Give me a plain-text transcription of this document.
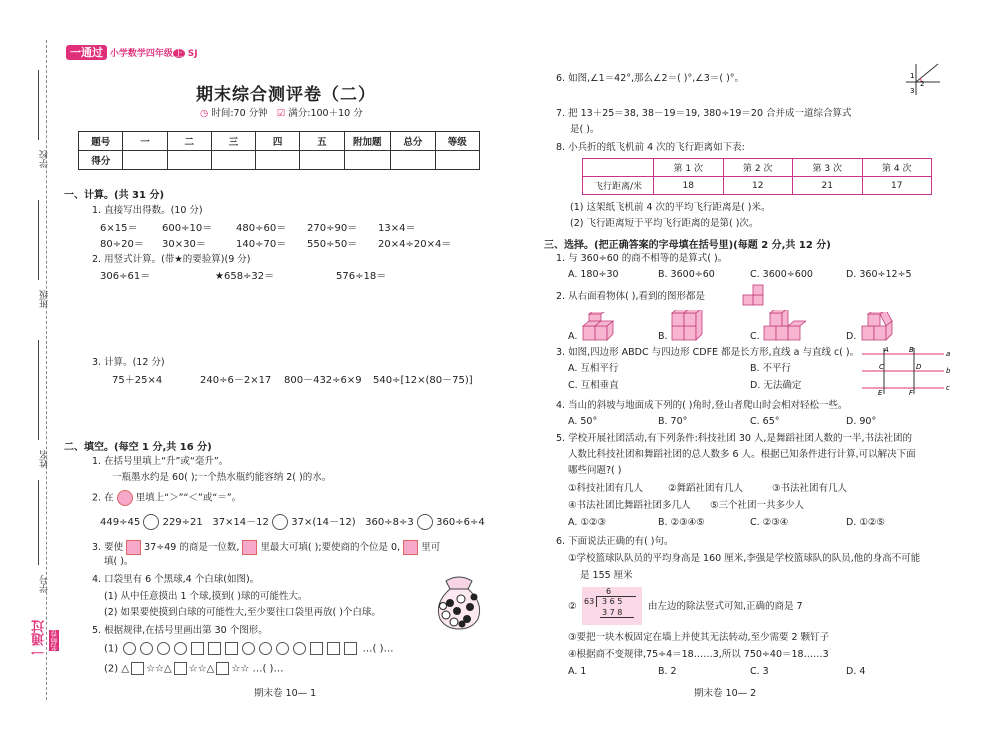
学校
班级
姓名
学号
一通过 名师卷
一通过 小学数学四年级 上 SJ
期末综合测评卷（二）
◷ 时间:70 分钟 ☑ 满分:100＋10 分
题号	一	二	三	四	五	附加题	总分	等级
得分								
一、计算。(共 31 分)
1. 直接写出得数。(10 分)
6×15＝ 600÷10＝ 480÷60＝ 270÷90＝ 13×4＝
80÷20＝ 30×30＝	140÷70＝ 550÷50＝ 20×4÷20×4＝
2. 用竖式计算。(带★的要验算)(9 分)
306÷61＝	★658÷32＝	576÷18＝
3. 计算。(12 分)
75＋25×4	240÷6－2×17 800－432÷6×9 540÷[12×(80－75)]
二、填空。(每空 1 分,共 16 分)
1. 在括号里填上“升”或“毫升”。
一瓶墨水约是 60( );一个热水瓶约能容纳 2( )的水。
2. 在 里填上“＞”“＜”或“＝”。
449÷45 229÷21 37×14－12 37×(14－12) 360÷8÷3 360÷6÷4
3. 要使 37÷49 的商是一位数, 里最大可填( );要使商的个位是 0, 里可
填( )。
4. 口袋里有 6 个黑球,4 个白球(如图)。
(1) 从中任意摸出 1 个球,摸到( )球的可能性大。
(2) 如果要使摸到白球的可能性大,至少要往口袋里再放( )个白球。
5. 根据规律,在括号里画出第 30 个图形。
(1)	…( )…
(2) △ ☆☆△ ☆☆△ ☆☆ …( )…
期末卷 10— 1
6. 如图,∠1＝42°,那么∠2＝( )°,∠3＝( )°。	1
2
3
7. 把 13＋25＝38, 38－19＝19, 380÷19＝20 合并成一道综合算式
是( )。
8. 小兵折的纸飞机前 4 次的飞行距离如下表:
	第 1 次	第 2 次	第 3 次	第 4 次
飞行距离/米	18	12	21	17
(1) 这架纸飞机前 4 次的平均飞行距离是( )米。
(2) 飞行距离短于平均飞行距离的是第( )次。
三、选择。(把正确答案的字母填在括号里)(每题 2 分,共 12 分)
1. 与 360÷60 的商不相等的是算式( )。
A. 180÷30	B. 3600÷60	C. 3600÷600	D. 360÷12÷5
2. 从右面看物体( ),看到的图形都是
A.	B.	C.	D.
3. 如图,四边形 ABDC 与四边形 CDFE 都是长方形,直线 a 与直线 c( )。
A. 互相平行	B. 不平行
C. 互相垂直	D. 无法确定
A	B
C	D
E	F
a
b
c
4. 当山的斜坡与地面成下列的( )角时,登山者爬山时会相对轻松一些。
A. 50°	B. 70°	C. 65°	D. 90°
5. 学校开展社团活动,有下列条件:科技社团 30 人,是舞蹈社团人数的一半,书法社团的
人数比科技社团和舞蹈社团的总人数多 6 人。根据已知条件进行计算,可以解决下面
哪些问题?( )
①科技社团有几人	②舞蹈社团有几人	③书法社团有几人
④书法社团比舞蹈社团多几人 ⑤三个社团一共多少人
A. ①②③	B. ②③④⑤	C. ②③④	D. ①②⑤
6. 下面说法正确的有( )句。
①学校篮球队队员的平均身高是 160 厘米,李强是学校篮球队的队员,他的身高不可能
是 155 厘米
②
6
63 3 6 5
3 7 8
由左边的除法竖式可知,正确的商是 7
③要把一块木板固定在墙上并使其无法转动,至少需要 2 颗钉子
④根据商不变规律,75÷4＝18……3,所以 750÷40＝18……3
A. 1	B. 2	C. 3	D. 4
期末卷 10— 2
